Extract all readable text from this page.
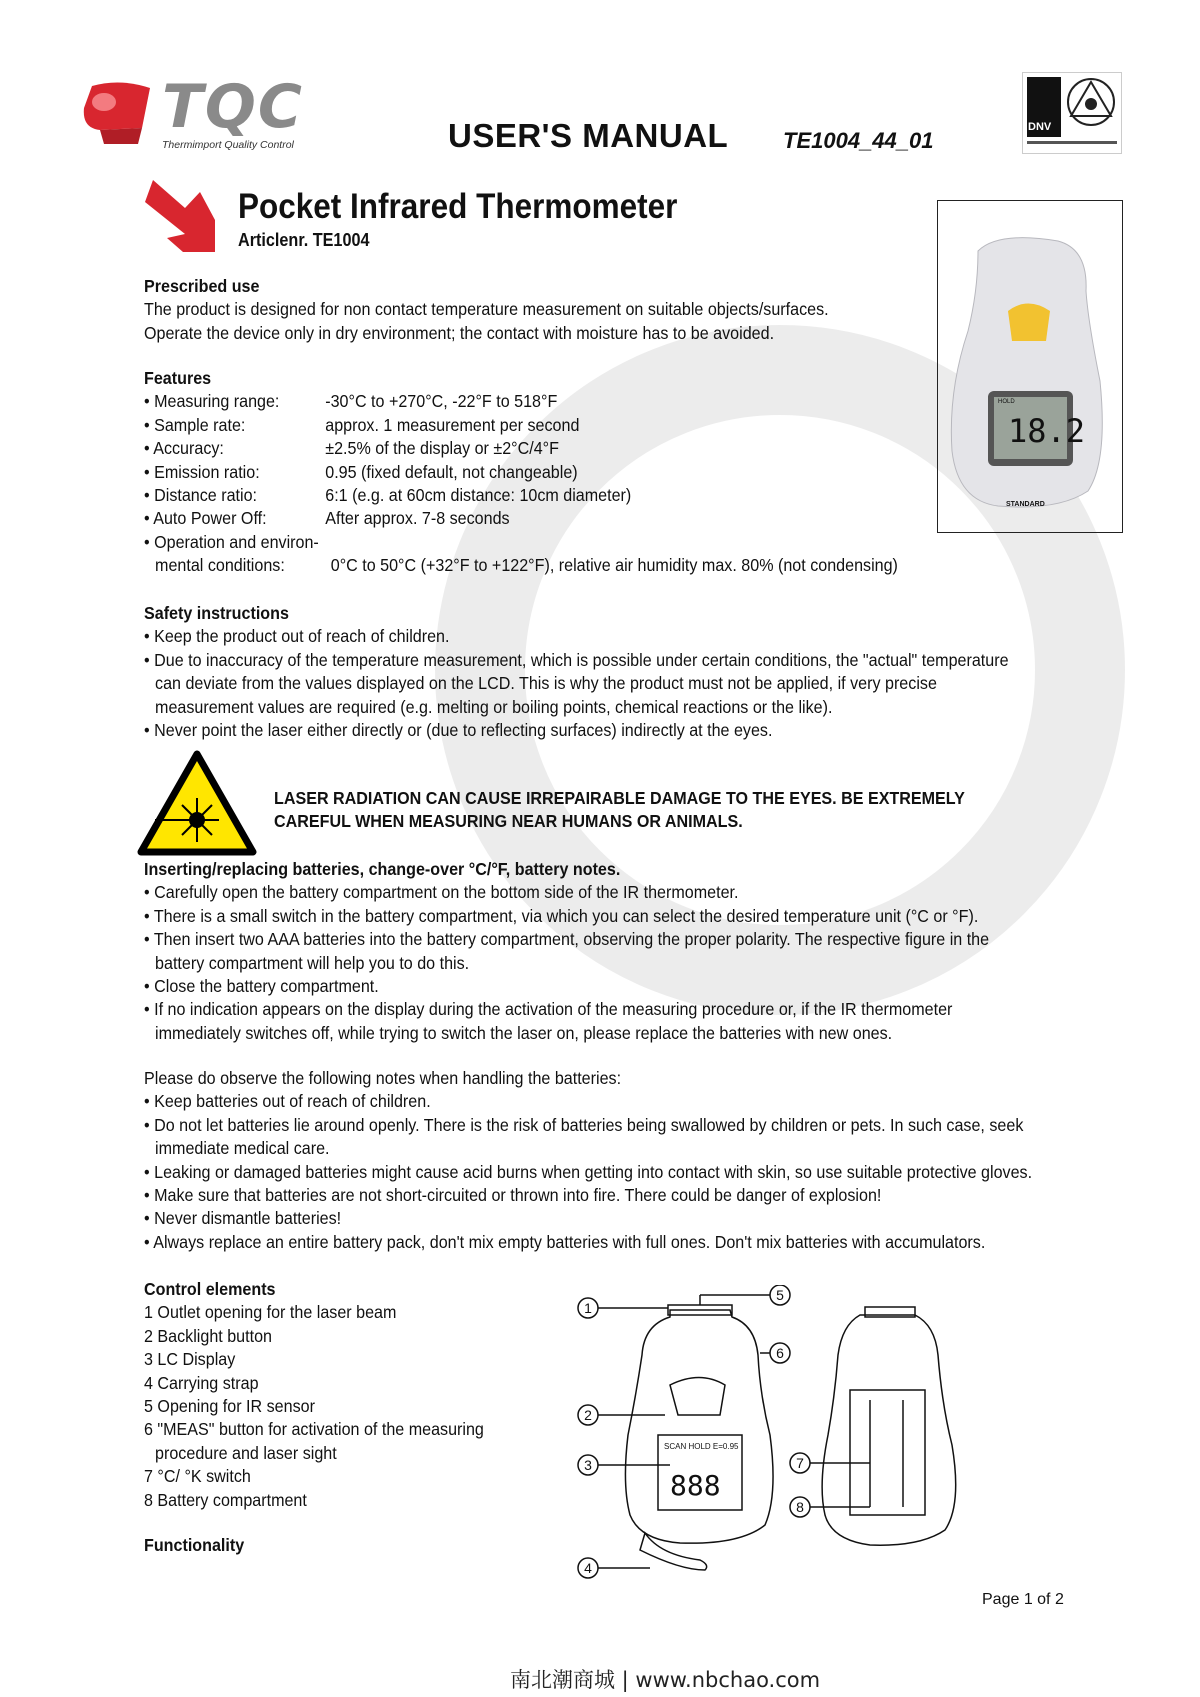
TQC
Thermimport Quality Control	USER'S MANUAL TE1004_44_01
DNV
Pocket Infrared Thermometer
Articlenr. TE1004
HOLD
18.2
STANDARD
Prescribed use
The product is designed for non contact temperature measurement on suitable objects/surfaces.
Operate the device only in dry environment; the contact with moisture has to be avoided.
Features
• Measuring range:	-30°C to +270°C, -22°F to 518°F
• Sample rate:	approx. 1 measurement per second
• Accuracy:	±2.5% of the display or ±2°C/4°F
• Emission ratio:	0.95 (fixed default, not changeable)
• Distance ratio:	6:1 (e.g. at 60cm distance: 10cm diameter)
• Auto Power Off:	After approx. 7-8 seconds
• Operation and environ-
mental conditions:	0°C to 50°C (+32°F to +122°F), relative air humidity max. 80% (not condensing)
Safety instructions
• Keep the product out of reach of children.
• Due to inaccuracy of the temperature measurement, which is possible under certain conditions, the "actual" temperature
can deviate from the values displayed on the LCD. This is why the product must not be applied, if very precise
measurement values are required (e.g. melting or boiling points, chemical reactions or the like).
• Never point the laser either directly or (due to reflecting surfaces) indirectly at the eyes.
LASER RADIATION CAN CAUSE IRREPAIRABLE DAMAGE TO THE EYES. BE EXTREMELY
CAREFUL WHEN MEASURING NEAR HUMANS OR ANIMALS.
Inserting/replacing batteries, change-over °C/°F, battery notes.
• Carefully open the battery compartment on the bottom side of the IR thermometer.
• There is a small switch in the battery compartment, via which you can select the desired temperature unit (°C or °F).
• Then insert two AAA batteries into the battery compartment, observing the proper polarity. The respective figure in the
battery compartment will help you to do this.
• Close the battery compartment.
• If no indication appears on the display during the activation of the measuring procedure or, if the IR thermometer
immediately switches off, while trying to switch the laser on, please replace the batteries with new ones.
Please do observe the following notes when handling the batteries:
• Keep batteries out of reach of children.
• Do not let batteries lie around openly. There is the risk of batteries being swallowed by children or pets. In such case, seek
immediate medical care.
• Leaking or damaged batteries might cause acid burns when getting into contact with skin, so use suitable protective gloves.
• Make sure that batteries are not short-circuited or thrown into fire. There could be danger of explosion!
• Never dismantle batteries!
• Always replace an entire battery pack, don't mix empty batteries with full ones. Don't mix batteries with accumulators.
Control elements
1 Outlet opening for the laser beam
2 Backlight button
3 LC Display
4 Carrying strap
5 Opening for IR sensor
6 "MEAS" button for activation of the measuring
procedure and laser sight
7 °C/ °K switch
8 Battery compartment
Functionality
SCAN HOLD E=0.95
888
1
2
3
4
5
6
7
8
Page 1 of 2
南北潮商城 | www.nbchao.com
